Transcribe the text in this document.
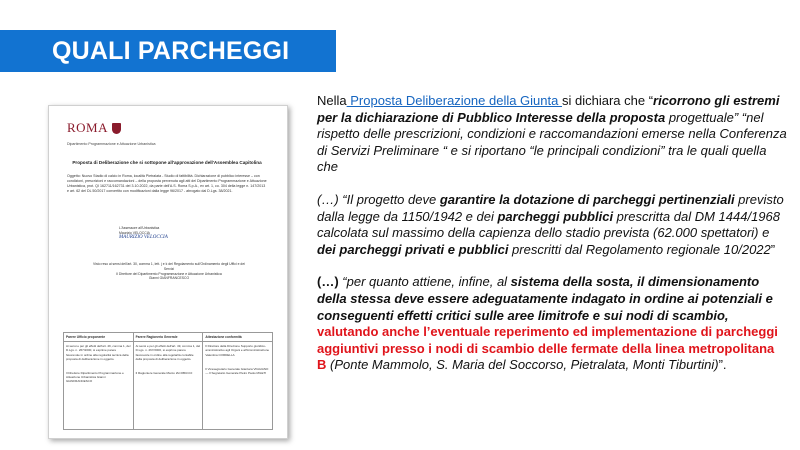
QUALI PARCHEGGI
ROMA
Dipartimento Programmazione e Attuazione Urbanistica
Proposta di Deliberazione che si sottopone all'approvazione dell'Assemblea Capitolina
Oggetto: Nuovo Stadio di calcio in Roma, località Pietralata - Studio di fattibilità. Dichiarazione di pubblico interesse – con condizioni, prescrizioni e raccomandazioni – della proposta pervenuta agli atti del Dipartimento Programmazione e Attuazione Urbanistica, prot. QI 162711/162731 del 3.10.2022, da parte dell'A.S. Roma S.p.A., ex art. 1, co. 304 della legge n. 147/2013 e art. 62 del DL 50/2017 convertito con modificazioni dalla legge 96/2017 - abrogato dal D.Lgs. 38/2021.
L'Assessore all'Urbanistica
Maurizio VELOCCIA
MAURIZIO VELOCCIA
Visto reso ai sensi dell'art. 30, comma 1, lett. j e k del Regolamento sull'Ordinamento degli Uffici e dei Servizi
Il Direttore del Dipartimento Programmazione e Attuazione Urbanistica
Gianni GIANFRANCESCO
Parere Ufficio proponente
Ai sensi e per gli effetti dell'art. 49, comma 1, del D.Lgs. n. 267/2000, si esprime parere favorevole in ordine alla regolarità tecnica della proposta di deliberazione in oggetto.
Il Direttore Dipartimento Programmazione e Attuazione Urbanistica Gianni GIANFRANCESCO
Parere Ragioneria Generale
Ai sensi e per gli effetti dell'art. 49, comma 1, del D.Lgs. n. 267/2000, si esprime parere favorevole in ordine alla regolarità contabile della proposta di deliberazione in oggetto.
Il Ragioniere Generale Marco IACOBUCCI
Attestazione conformità
Il Direttore della Direzione Supporto giuridico-amministrativo agli Organi e all'Amministrazione Valentina CORDELLA
Il Vicesegretario Generale Gianluca VIGGIANO — Il Segretario Generale Pietro Paolo MILETI

Nella Proposta Deliberazione della Giunta si dichiara che “ricorrono gli estremi per la dichiarazione di Pubblico Interesse della proposta progettuale” “nel rispetto delle prescrizioni, condizioni e raccomandazioni emerse nella Conferenza di Servizi Preliminare “ e si riportano “le principali condizioni” tra le quali quella che

(…) “Il progetto deve garantire la dotazione di parcheggi pertinenziali previsto dalla legge da 1150/1942 e dei parcheggi pubblici prescritta dal DM 1444/1968 calcolata sul massimo della capienza dello stadio prevista (62.000 spettatori) e dei parcheggi privati e pubblici prescritti dal Regolamento regionale 10/2022”

(…) “per quanto attiene, infine, al sistema della sosta, il dimensionamento della stessa deve essere adeguatamente indagato in ordine ai potenziali e conseguenti effetti critici sulle aree limitrofe e sui nodi di scambio, valutando anche l’eventuale reperimento ed implementazione di parcheggi aggiuntivi presso i nodi di scambio delle fermate della linea metropolitana B (Ponte Mammolo, S. Maria del Soccorso, Pietralata, Monti Tiburtini)”.
